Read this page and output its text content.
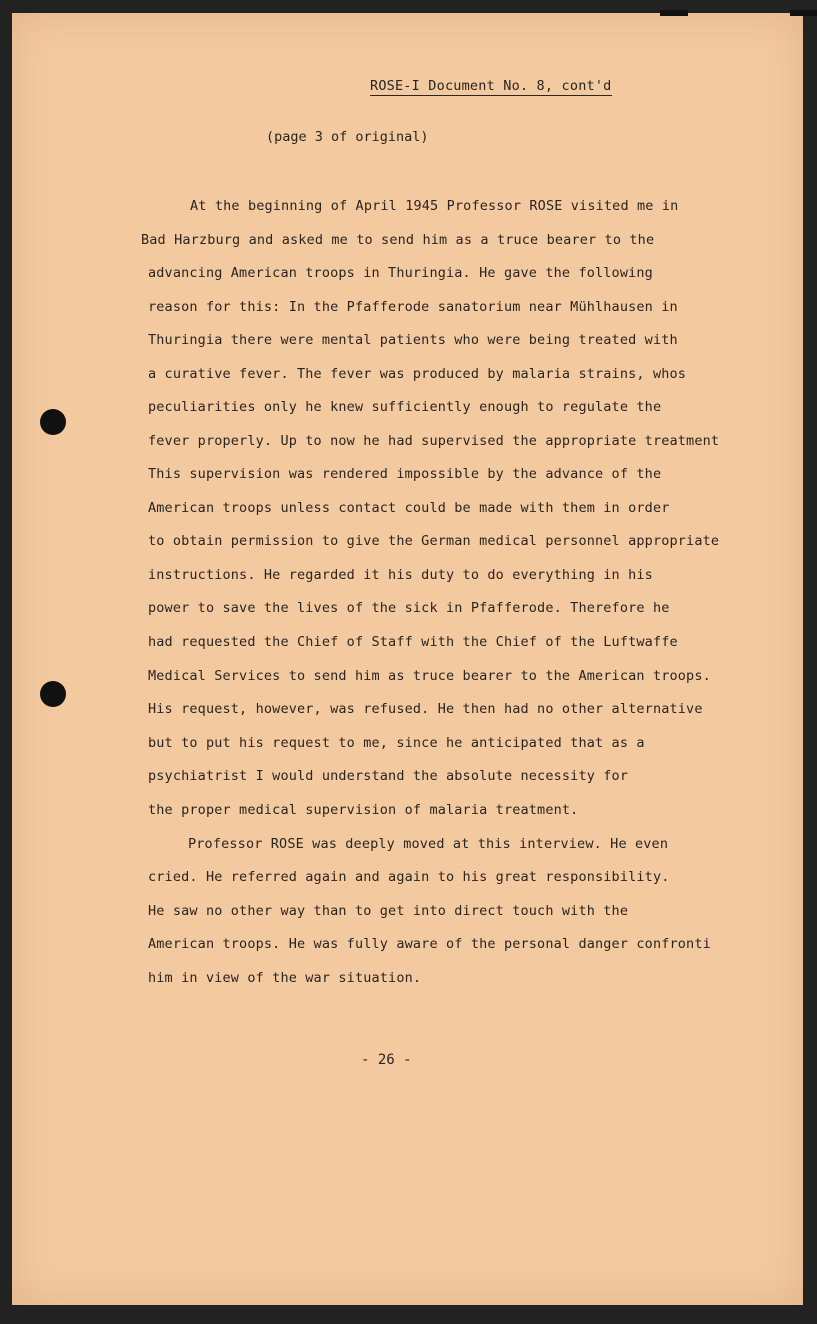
ROSE-I Document No. 8, cont'd
(page 3 of original)
At the beginning of April 1945 Professor ROSE visited me in
Bad Harzburg and asked me to send him as a truce bearer to the
advancing American troops in Thuringia. He gave the following
reason for this: In the Pfafferode sanatorium near Mühlhausen in
Thuringia there were mental patients who were being treated with
a curative fever. The fever was produced by malaria strains, whos
peculiarities only he knew sufficiently enough to regulate the
fever properly. Up to now he had supervised the appropriate treatment
This supervision was rendered impossible by the advance of the
American troops unless contact could be made with them in order
to obtain permission to give the German medical personnel appropriate
instructions. He regarded it his duty to do everything in his
power to save the lives of the sick in Pfafferode. Therefore he
had requested the Chief of Staff with the Chief of the Luftwaffe
Medical Services to send him as truce bearer to the American troops.
His request, however, was refused. He then had no other alternative
but to put his request to me, since he anticipated that as a
psychiatrist I would understand the absolute necessity for
the proper medical supervision of malaria treatment.
Professor ROSE was deeply moved at this interview. He even
cried. He referred again and again to his great responsibility.
He saw no other way than to get into direct touch with the
American troops. He was fully aware of the personal danger confronti
him in view of the war situation.
- 26 -
